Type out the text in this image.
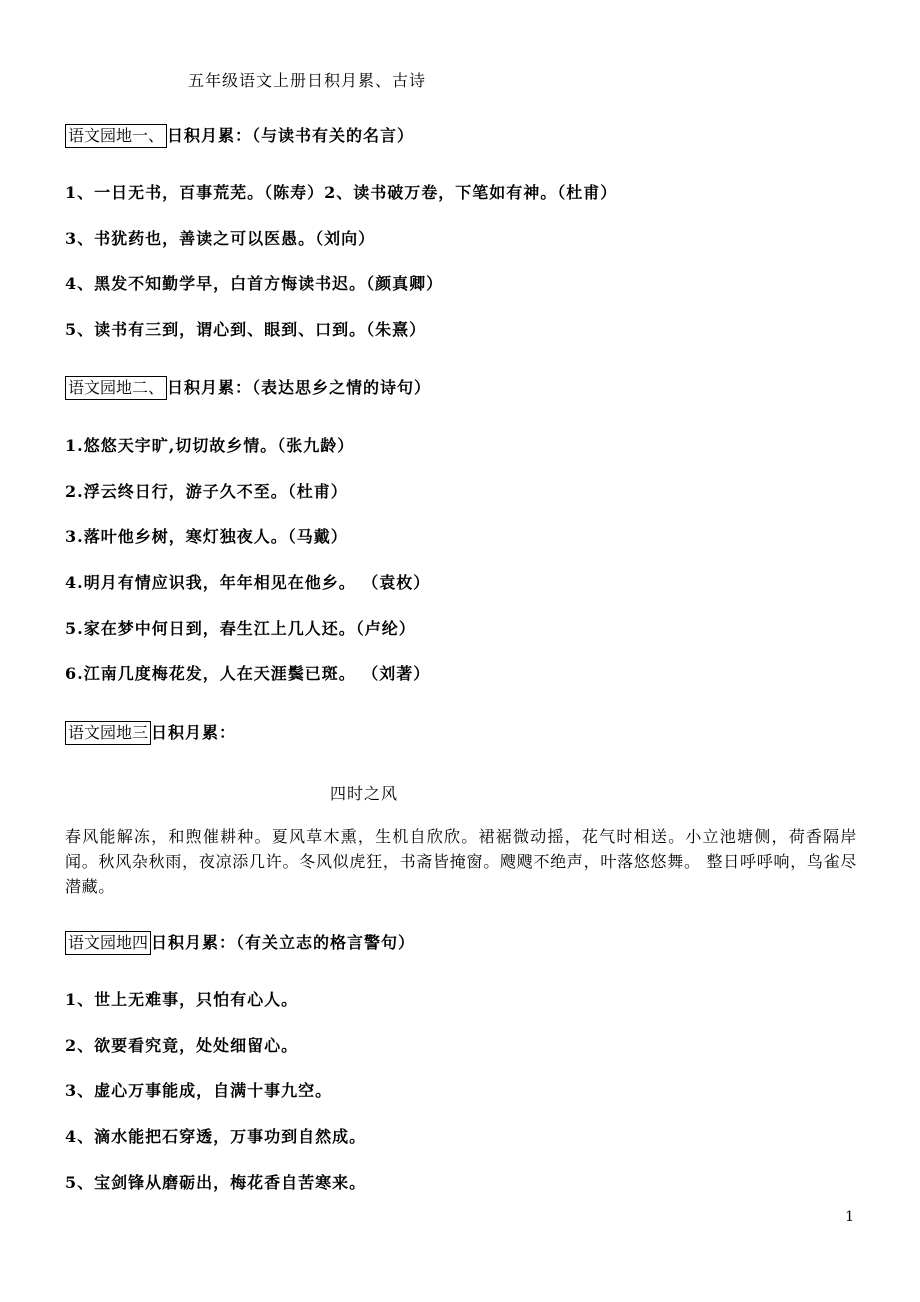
五年级语文上册日积月累、古诗
语文园地一、 日积月累：（与读书有关的名言）
1、一日无书，百事荒芜。（陈寿）2、读书破万卷，下笔如有神。（杜甫）
3、书犹药也，善读之可以医愚。（刘向）
4、黑发不知勤学早，白首方悔读书迟。（颜真卿）
5、读书有三到，谓心到、眼到、口到。（朱熹）
语文园地二、 日积月累：（表达思乡之情的诗句）
1.悠悠天宇旷,切切故乡情。（张九龄）
2.浮云终日行，游子久不至。（杜甫）
3.落叶他乡树，寒灯独夜人。（马戴）
4.明月有情应识我，年年相见在他乡。 （袁枚）
5.家在梦中何日到，春生江上几人还。（卢纶）
6.江南几度梅花发，人在天涯鬓已斑。 （刘著）
语文园地三 日积月累：
四时之风
春风能解冻，和煦催耕种。夏风草木熏，生机自欣欣。裙裾微动摇，花气时相送。小立池塘侧，荷香隔岸闻。秋风杂秋雨，夜凉添几许。冬风似虎狂，书斋皆掩窗。飕飕不绝声，叶落悠悠舞。 整日呼呼响，鸟雀尽潜藏。
语文园地四 日积月累：（有关立志的格言警句）
1、世上无难事，只怕有心人。
2、欲要看究竟，处处细留心。
3、虚心万事能成，自满十事九空。
4、滴水能把石穿透，万事功到自然成。
5、宝剑锋从磨砺出，梅花香自苦寒来。
1
